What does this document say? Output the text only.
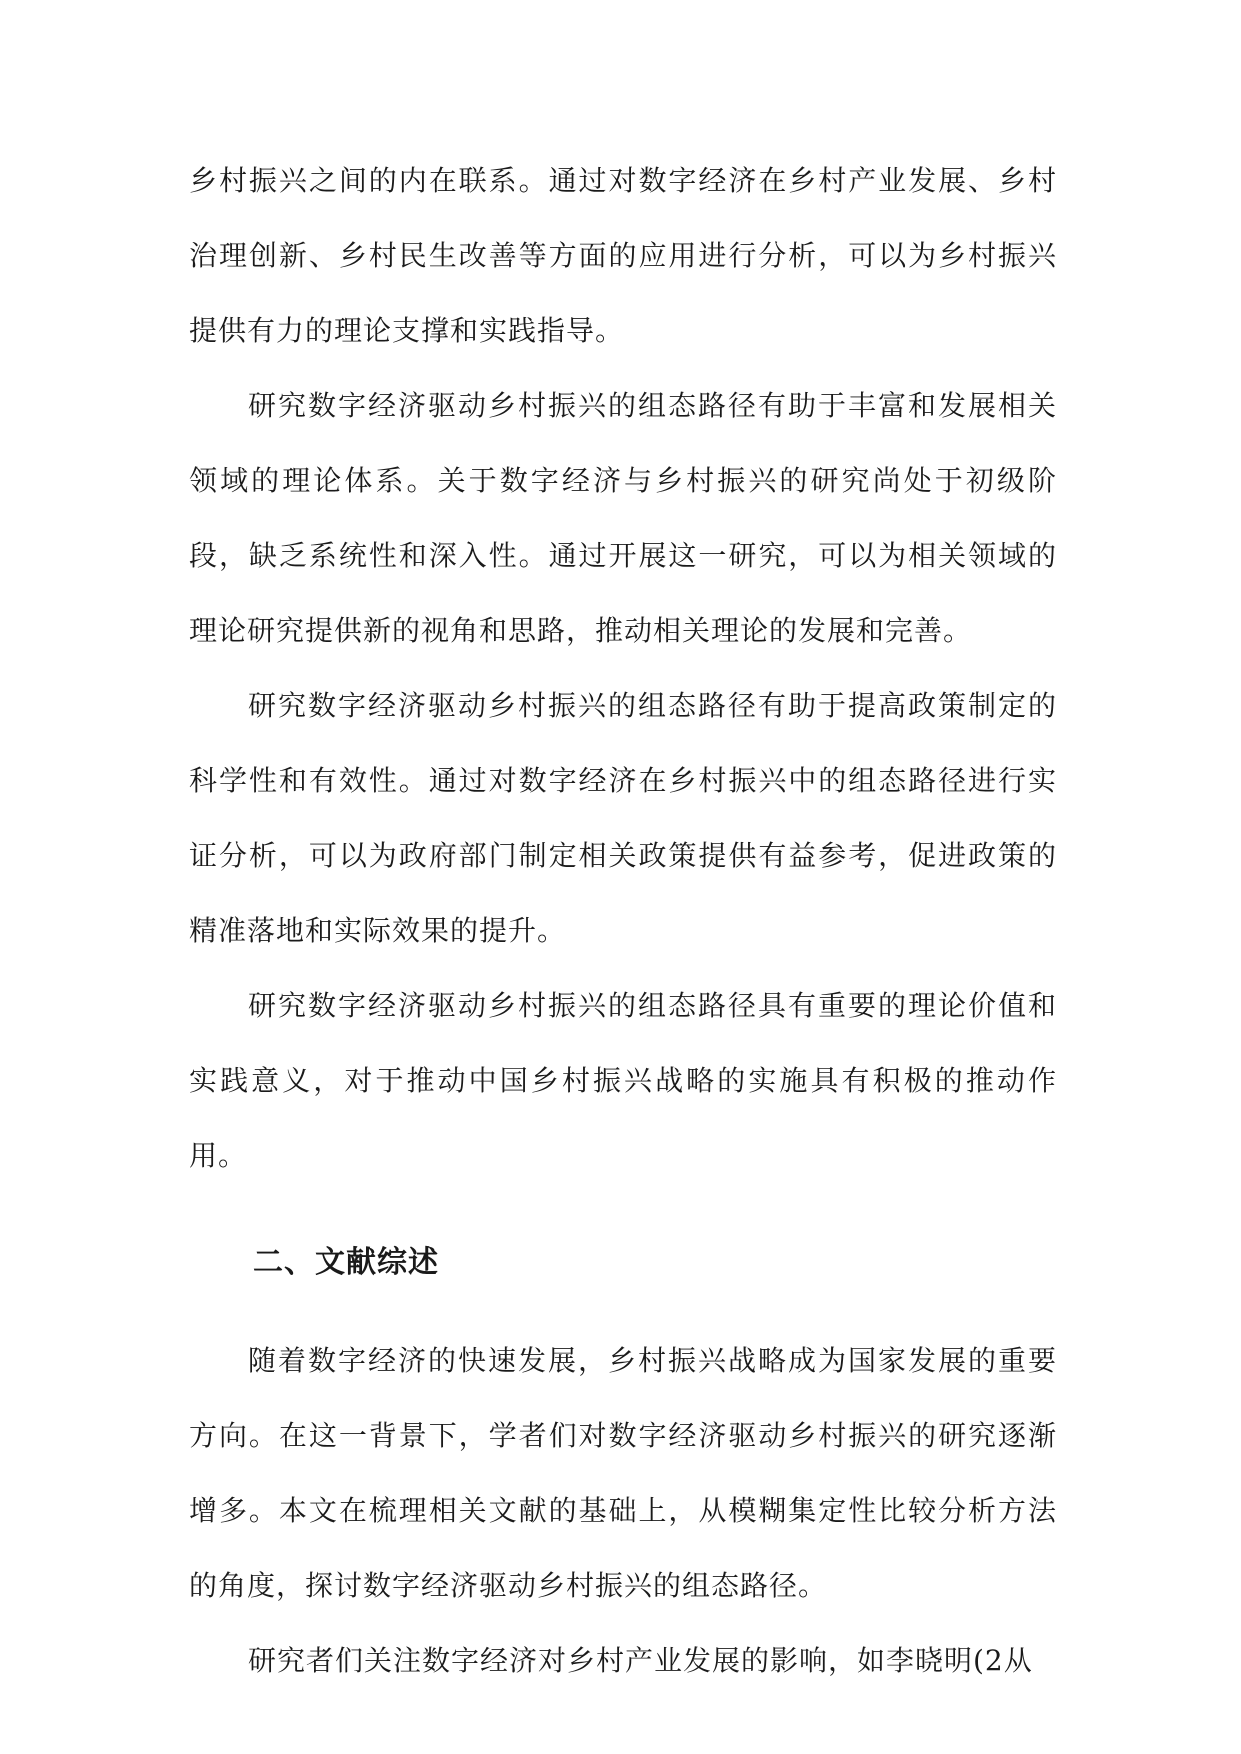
乡村振兴之间的内在联系。通过对数字经济在乡村产业发展、乡村治理创新、乡村民生改善等方面的应用进行分析，可以为乡村振兴提供有力的理论支撑和实践指导。

研究数字经济驱动乡村振兴的组态路径有助于丰富和发展相关领域的理论体系。关于数字经济与乡村振兴的研究尚处于初级阶段，缺乏系统性和深入性。通过开展这一研究，可以为相关领域的理论研究提供新的视角和思路，推动相关理论的发展和完善。

研究数字经济驱动乡村振兴的组态路径有助于提高政策制定的科学性和有效性。通过对数字经济在乡村振兴中的组态路径进行实证分析，可以为政府部门制定相关政策提供有益参考，促进政策的精准落地和实际效果的提升。

研究数字经济驱动乡村振兴的组态路径具有重要的理论价值和实践意义，对于推动中国乡村振兴战略的实施具有积极的推动作用。

二、文献综述

随着数字经济的快速发展，乡村振兴战略成为国家发展的重要方向。在这一背景下，学者们对数字经济驱动乡村振兴的研究逐渐增多。本文在梳理相关文献的基础上，从模糊集定性比较分析方法的角度，探讨数字经济驱动乡村振兴的组态路径。

研究者们关注数字经济对乡村产业发展的影响，如李晓明(2从
